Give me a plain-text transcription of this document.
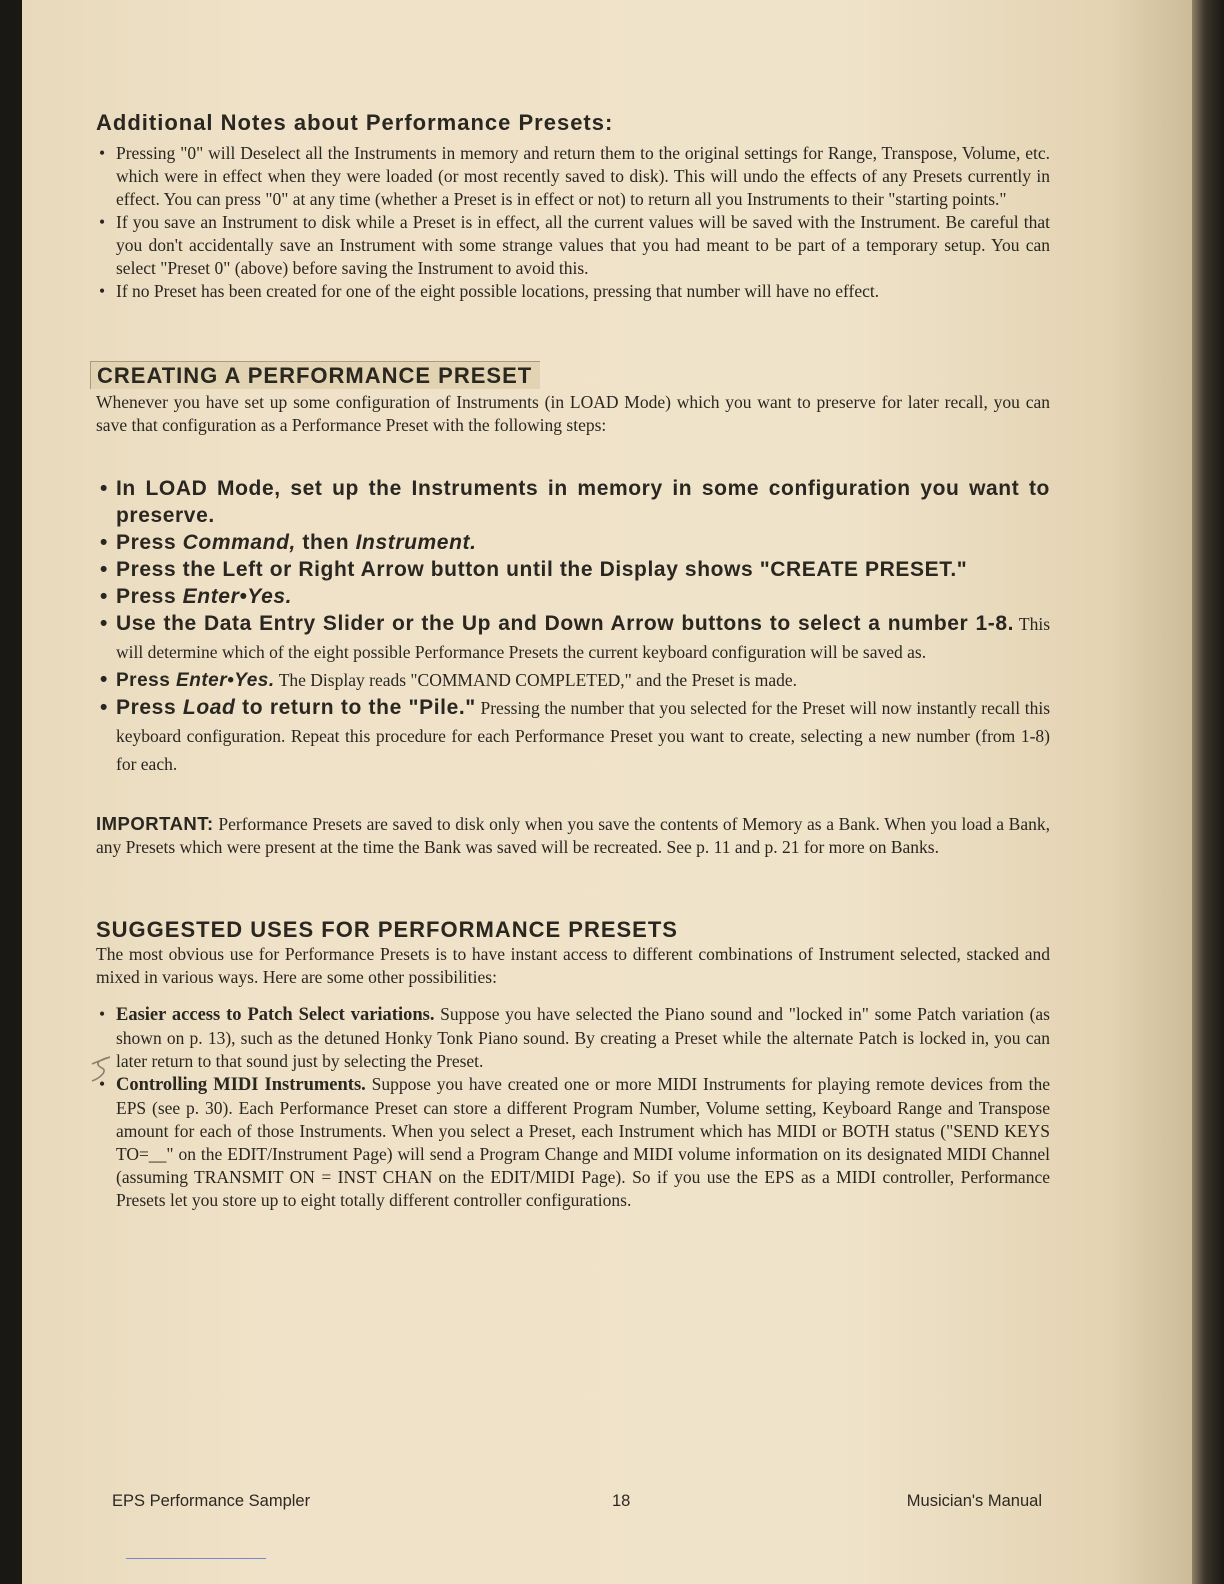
Additional Notes about Performance Presets:
• Pressing "0" will Deselect all the Instruments in memory and return them to the original settings for Range, Transpose, Volume, etc. which were in effect when they were loaded (or most recently saved to disk). This will undo the effects of any Presets currently in effect. You can press "0" at any time (whether a Preset is in effect or not) to return all you Instruments to their "starting points."
• If you save an Instrument to disk while a Preset is in effect, all the current values will be saved with the Instrument. Be careful that you don't accidentally save an Instrument with some strange values that you had meant to be part of a temporary setup. You can select "Preset 0" (above) before saving the Instrument to avoid this.
• If no Preset has been created for one of the eight possible locations, pressing that number will have no effect.
CREATING A PERFORMANCE PRESET

Whenever you have set up some configuration of Instruments (in LOAD Mode) which you want to preserve for later recall, you can save that configuration as a Performance Preset with the following steps:

• In LOAD Mode, set up the Instruments in memory in some configuration you want to preserve.
• Press Command, then Instrument.
• Press the Left or Right Arrow button until the Display shows "CREATE PRESET."
• Press Enter•Yes.
• Use the Data Entry Slider or the Up and Down Arrow buttons to select a number 1-8. This will determine which of the eight possible Performance Presets the current keyboard configuration will be saved as.
• Press Enter•Yes. The Display reads "COMMAND COMPLETED," and the Preset is made.
• Press Load to return to the "Pile." Pressing the number that you selected for the Preset will now instantly recall this keyboard configuration. Repeat this procedure for each Performance Preset you want to create, selecting a new number (from 1-8) for each.

IMPORTANT: Performance Presets are saved to disk only when you save the contents of Memory as a Bank. When you load a Bank, any Presets which were present at the time the Bank was saved will be recreated. See p. 11 and p. 21 for more on Banks.

SUGGESTED USES FOR PERFORMANCE PRESETS

The most obvious use for Performance Presets is to have instant access to different combinations of Instrument selected, stacked and mixed in various ways. Here are some other possibilities:

• Easier access to Patch Select variations. Suppose you have selected the Piano sound and "locked in" some Patch variation (as shown on p. 13), such as the detuned Honky Tonk Piano sound. By creating a Preset while the alternate Patch is locked in, you can later return to that sound just by selecting the Preset.
• Controlling MIDI Instruments. Suppose you have created one or more MIDI Instruments for playing remote devices from the EPS (see p. 30). Each Performance Preset can store a different Program Number, Volume setting, Keyboard Range and Transpose amount for each of those Instruments. When you select a Preset, each Instrument which has MIDI or BOTH status ("SEND KEYS TO=__" on the EDIT/Instrument Page) will send a Program Change and MIDI volume information on its designated MIDI Channel (assuming TRANSMIT ON = INST CHAN on the EDIT/MIDI Page). So if you use the EPS as a MIDI controller, Performance Presets let you store up to eight totally different controller configurations.
EPS Performance Sampler	18	Musician's Manual
